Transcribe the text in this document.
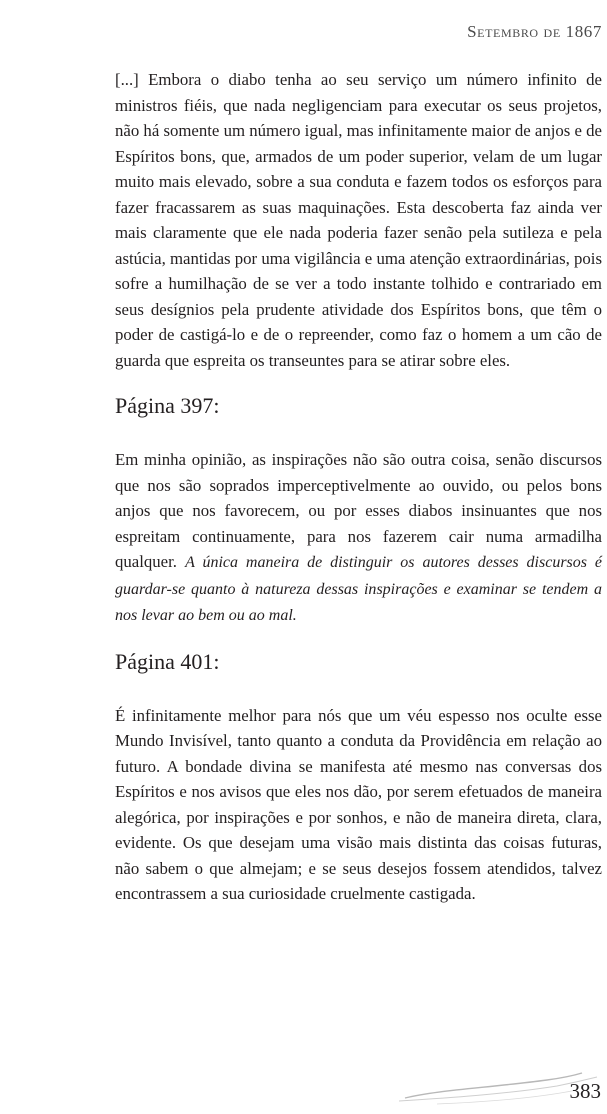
Setembro de 1867

[...] Embora o diabo tenha ao seu serviço um número infinito de ministros fiéis, que nada negligenciam para executar os seus projetos, não há somente um número igual, mas infinitamente maior de anjos e de Espíritos bons, que, armados de um poder superior, velam de um lugar muito mais elevado, sobre a sua conduta e fazem todos os esforços para fazer fracassarem as suas maquinações. Esta descoberta faz ainda ver mais claramente que ele nada poderia fazer senão pela sutileza e pela astúcia, mantidas por uma vigilância e uma atenção extraordinárias, pois sofre a humilhação de se ver a todo instante tolhido e contrariado em seus desígnios pela prudente atividade dos Espíritos bons, que têm o poder de castigá-lo e de o repreender, como faz o homem a um cão de guarda que espreita os transeuntes para se atirar sobre eles.

Página 397:

Em minha opinião, as inspirações não são outra coisa, senão discursos que nos são soprados imperceptivelmente ao ouvido, ou pelos bons anjos que nos favorecem, ou por esses diabos insinuantes que nos espreitam continuamente, para nos fazerem cair numa armadilha qualquer. A única maneira de distinguir os autores desses discursos é guardar-se quanto à natureza dessas inspirações e examinar se tendem a nos levar ao bem ou ao mal.

Página 401:

É infinitamente melhor para nós que um véu espesso nos oculte esse Mundo Invisível, tanto quanto a conduta da Providência em relação ao futuro. A bondade divina se manifesta até mesmo nas conversas dos Espíritos e nos avisos que eles nos dão, por serem efetuados de maneira alegórica, por inspirações e por sonhos, e não de maneira direta, clara, evidente. Os que desejam uma visão mais distinta das coisas futuras, não sabem o que almejam; e se seus desejos fossem atendidos, talvez encontrassem a sua curiosidade cruelmente castigada.

383
